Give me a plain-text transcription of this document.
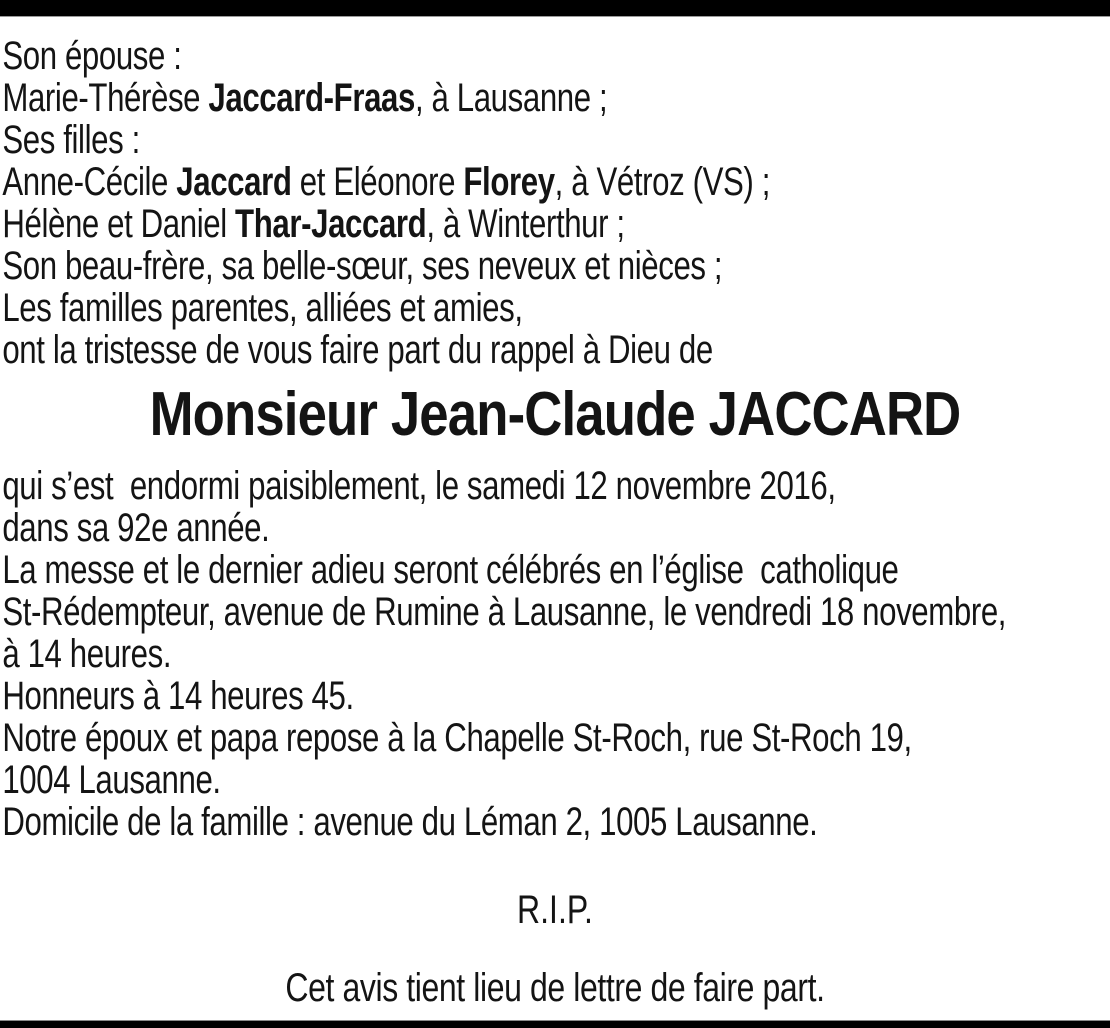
Son épouse :
Marie-Thérèse Jaccard-Fraas, à Lausanne ;
Ses filles :
Anne-Cécile Jaccard et Eléonore Florey, à Vétroz (VS) ;
Hélène et Daniel Thar-Jaccard, à Winterthur ;
Son beau-frère, sa belle-sœur, ses neveux et nièces ;
Les familles parentes, alliées et amies,
ont la tristesse de vous faire part du rappel à Dieu de
Monsieur Jean-Claude JACCARD
qui s’est  endormi paisiblement, le samedi 12 novembre 2016,
dans sa 92e année.
La messe et le dernier adieu seront célébrés en l’église  catholique
St-Rédempteur, avenue de Rumine à Lausanne, le vendredi 18 novembre,
à 14 heures.
Honneurs à 14 heures 45.
Notre époux et papa repose à la Chapelle St-Roch, rue St-Roch 19,
1004 Lausanne.
Domicile de la famille : avenue du Léman 2, 1005 Lausanne.
R.I.P.
Cet avis tient lieu de lettre de faire part.
